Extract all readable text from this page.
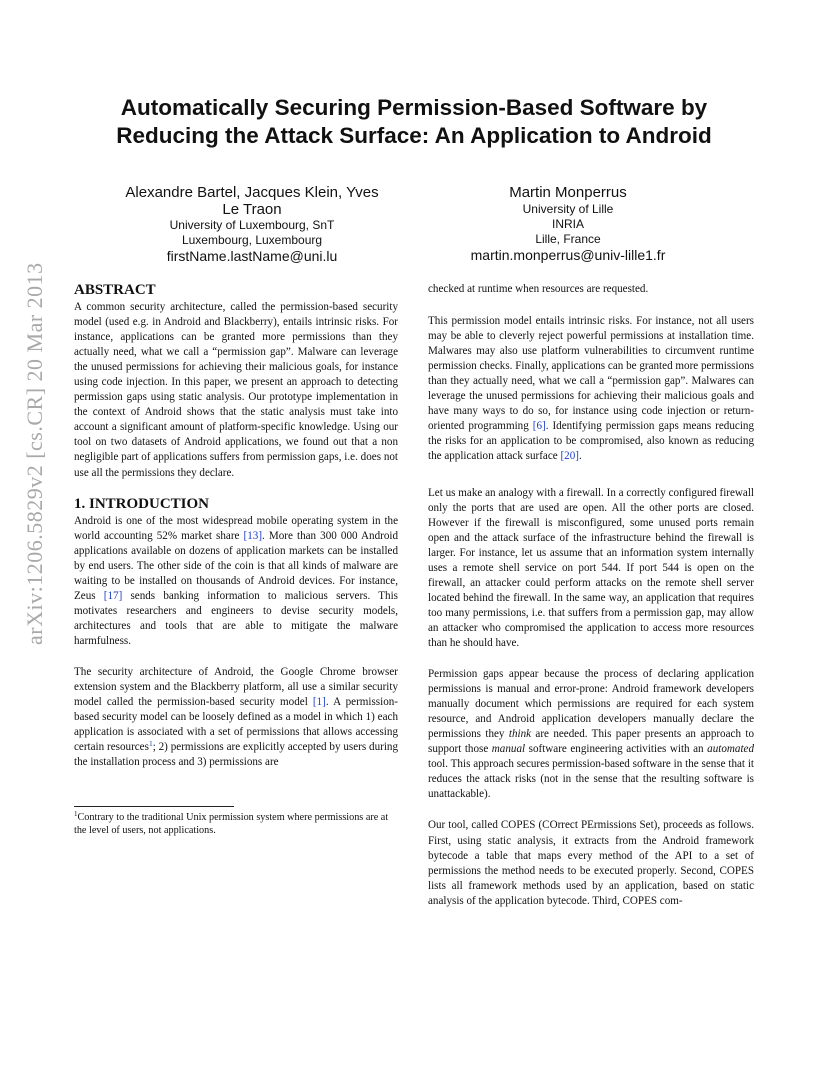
arXiv:1206.5829v2 [cs.CR] 20 Mar 2013
Automatically Securing Permission-Based Software by
Reducing the Attack Surface: An Application to Android
Alexandre Bartel, Jacques Klein, Yves
Le Traon
University of Luxembourg, SnT
Luxembourg, Luxembourg
firstName.lastName@uni.lu
Martin Monperrus
University of Lille
INRIA
Lille, France
martin.monperrus@univ-lille1.fr
ABSTRACT

A common security architecture, called the permission-based security model (used e.g. in Android and Blackberry), entails intrinsic risks. For instance, applications can be granted more permissions than they actually need, what we call a “permission gap”. Malware can leverage the unused permissions for achieving their malicious goals, for instance using code injection. In this paper, we present an approach to detecting permission gaps using static analysis. Our prototype implementation in the context of Android shows that the static analysis must take into account a significant amount of platform-specific knowledge. Using our tool on two datasets of Android applications, we found out that a non negligible part of applications suffers from permission gaps, i.e. does not use all the permissions they declare.

1. INTRODUCTION

Android is one of the most widespread mobile operating system in the world accounting 52% market share [13]. More than 300 000 Android applications available on dozens of application markets can be installed by end users. The other side of the coin is that all kinds of malware are waiting to be installed on thousands of Android devices. For instance, Zeus [17] sends banking information to malicious servers. This motivates researchers and engineers to devise security models, architectures and tools that are able to mitigate the malware harmfulness.

The security architecture of Android, the Google Chrome browser extension system and the Blackberry platform, all use a similar security model called the permission-based security model [1]. A permission-based security model can be loosely defined as a model in which 1) each application is associated with a set of permissions that allows accessing certain resources$^1$; 2) permissions are explicitly accepted by users during the installation process and 3) permissions are

$^1$Contrary to the traditional Unix permission system where permissions are at the level of users, not applications.

checked at runtime when resources are requested.

This permission model entails intrinsic risks. For instance, not all users may be able to cleverly reject powerful permissions at installation time. Malwares may also use platform vulnerabilities to circumvent runtime permission checks. Finally, applications can be granted more permissions than they actually need, what we call a “permission gap”. Malwares can leverage the unused permissions for achieving their malicious goals and have many ways to do so, for instance using code injection or return-oriented programming [6]. Identifying permission gaps means reducing the risks for an application to be compromised, also known as reducing the application attack surface [20].

Let us make an analogy with a firewall. In a correctly configured firewall only the ports that are used are open. All the other ports are closed. However if the firewall is misconfigured, some unused ports remain open and the attack surface of the infrastructure behind the firewall is larger. For instance, let us assume that an information system internally uses a remote shell service on port 544. If port 544 is open on the firewall, an attacker could perform attacks on the remote shell server located behind the firewall. In the same way, an application that requires too many permissions, i.e. that suffers from a permission gap, may allow an attacker who compromised the application to access more resources than he should have.

Permission gaps appear because the process of declaring application permissions is manual and error-prone: Android framework developers manually document which permissions are required for each system resource, and Android application developers manually declare the permissions they think are needed. This paper presents an approach to support those manual software engineering activities with an automated tool. This approach secures permission-based software in the sense that it reduces the attack risks (not in the sense that the resulting software is unattackable).

Our tool, called COPES (COrrect PErmissions Set), proceeds as follows. First, using static analysis, it extracts from the Android framework bytecode a table that maps every method of the API to a set of permissions the method needs to be executed properly. Second, COPES lists all framework methods used by an application, based on static analysis of the application bytecode. Third, COPES com-
